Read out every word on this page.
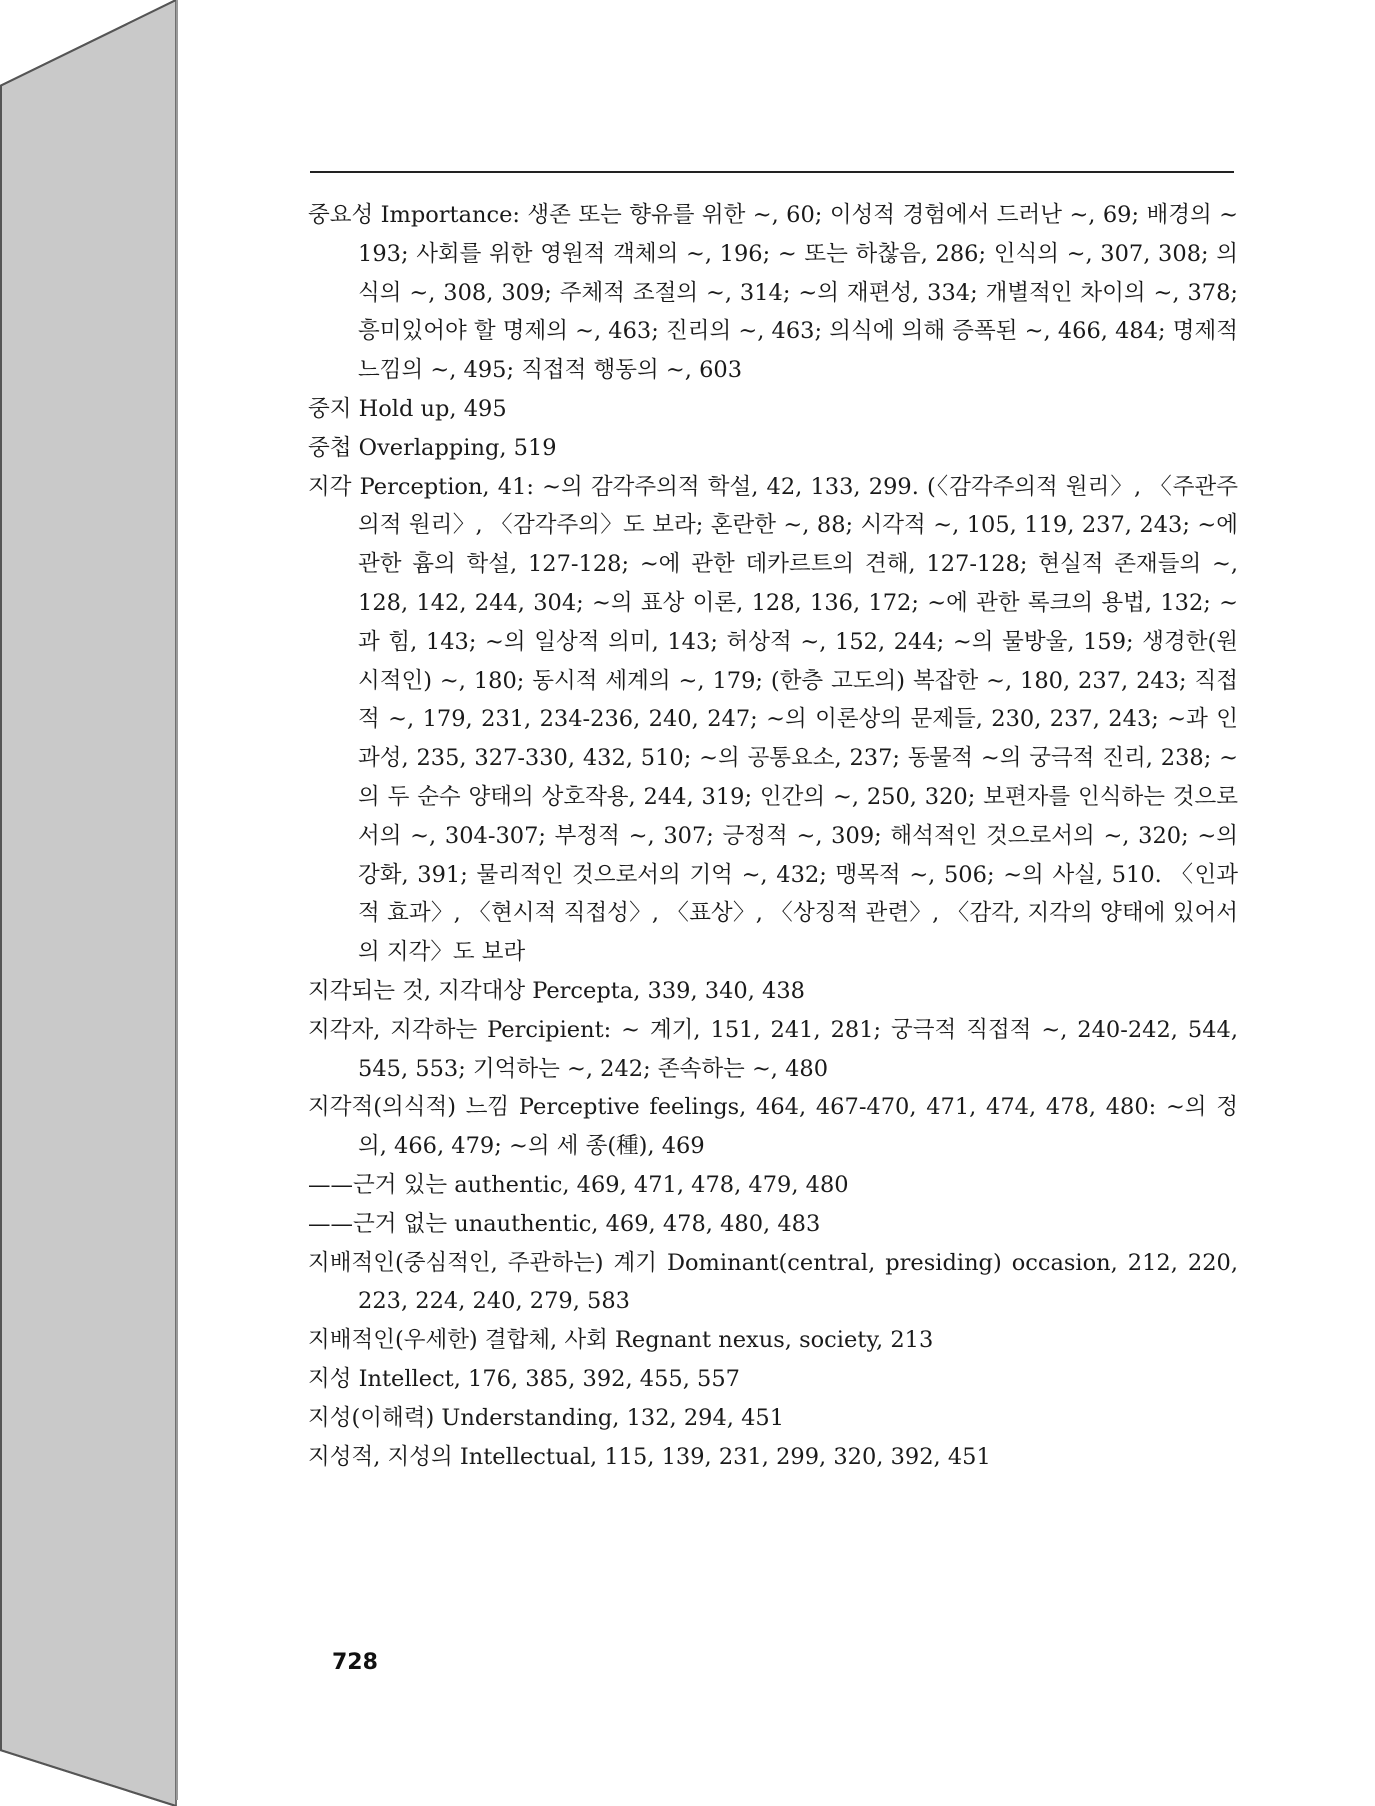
중요성 Importance: 생존 또는 향유를 위한 ~, 60; 이성적 경험에서 드러난 ~, 69; 배경의 ~ 193; 사회를 위한 영원적 객체의 ~, 196; ~ 또는 하찮음, 286; 인식의 ~, 307, 308; 의식의 ~, 308, 309; 주체적 조절의 ~, 314; ~의 재편성, 334; 개별적인 차이의 ~, 378; 흥미있어야 할 명제의 ~, 463; 진리의 ~, 463; 의식에 의해 증폭된 ~, 466, 484; 명제적 느낌의 ~, 495; 직접적 행동의 ~, 603
중지 Hold up, 495
중첩 Overlapping, 519
지각 Perception, 41: ~의 감각주의적 학설, 42, 133, 299. (〈감각주의적 원리〉, 〈주관주의적 원리〉, 〈감각주의〉도 보라; 혼란한 ~, 88; 시각적 ~, 105, 119, 237, 243; ~에 관한 흄의 학설, 127-128; ~에 관한 데카르트의 견해, 127-128; 현실적 존재들의 ~, 128, 142, 244, 304; ~의 표상 이론, 128, 136, 172; ~에 관한 록크의 용법, 132; ~과 힘, 143; ~의 일상적 의미, 143; 허상적 ~, 152, 244; ~의 물방울, 159; 생경한(원시적인) ~, 180; 동시적 세계의 ~, 179; (한층 고도의) 복잡한 ~, 180, 237, 243; 직접적 ~, 179, 231, 234-236, 240, 247; ~의 이론상의 문제들, 230, 237, 243; ~과 인과성, 235, 327-330, 432, 510; ~의 공통요소, 237; 동물적 ~의 궁극적 진리, 238; ~의 두 순수 양태의 상호작용, 244, 319; 인간의 ~, 250, 320; 보편자를 인식하는 것으로서의 ~, 304-307; 부정적 ~, 307; 긍정적 ~, 309; 해석적인 것으로서의 ~, 320; ~의 강화, 391; 물리적인 것으로서의 기억 ~, 432; 맹목적 ~, 506; ~의 사실, 510. 〈인과적 효과〉, 〈현시적 직접성〉, 〈표상〉, 〈상징적 관련〉, 〈감각, 지각의 양태에 있어서의 지각〉도 보라
지각되는 것, 지각대상 Percepta, 339, 340, 438
지각자, 지각하는 Percipient: ~ 계기, 151, 241, 281; 궁극적 직접적 ~, 240-242, 544, 545, 553; 기억하는 ~, 242; 존속하는 ~, 480
지각적(의식적) 느낌 Perceptive feelings, 464, 467-470, 471, 474, 478, 480: ~의 정의, 466, 479; ~의 세 종(種), 469
——근거 있는 authentic, 469, 471, 478, 479, 480
——근거 없는 unauthentic, 469, 478, 480, 483
지배적인(중심적인, 주관하는) 계기 Dominant(central, presiding) occasion, 212, 220, 223, 224, 240, 279, 583
지배적인(우세한) 결합체, 사회 Regnant nexus, society, 213
지성 Intellect, 176, 385, 392, 455, 557
지성(이해력) Understanding, 132, 294, 451
지성적, 지성의 Intellectual, 115, 139, 231, 299, 320, 392, 451
728
